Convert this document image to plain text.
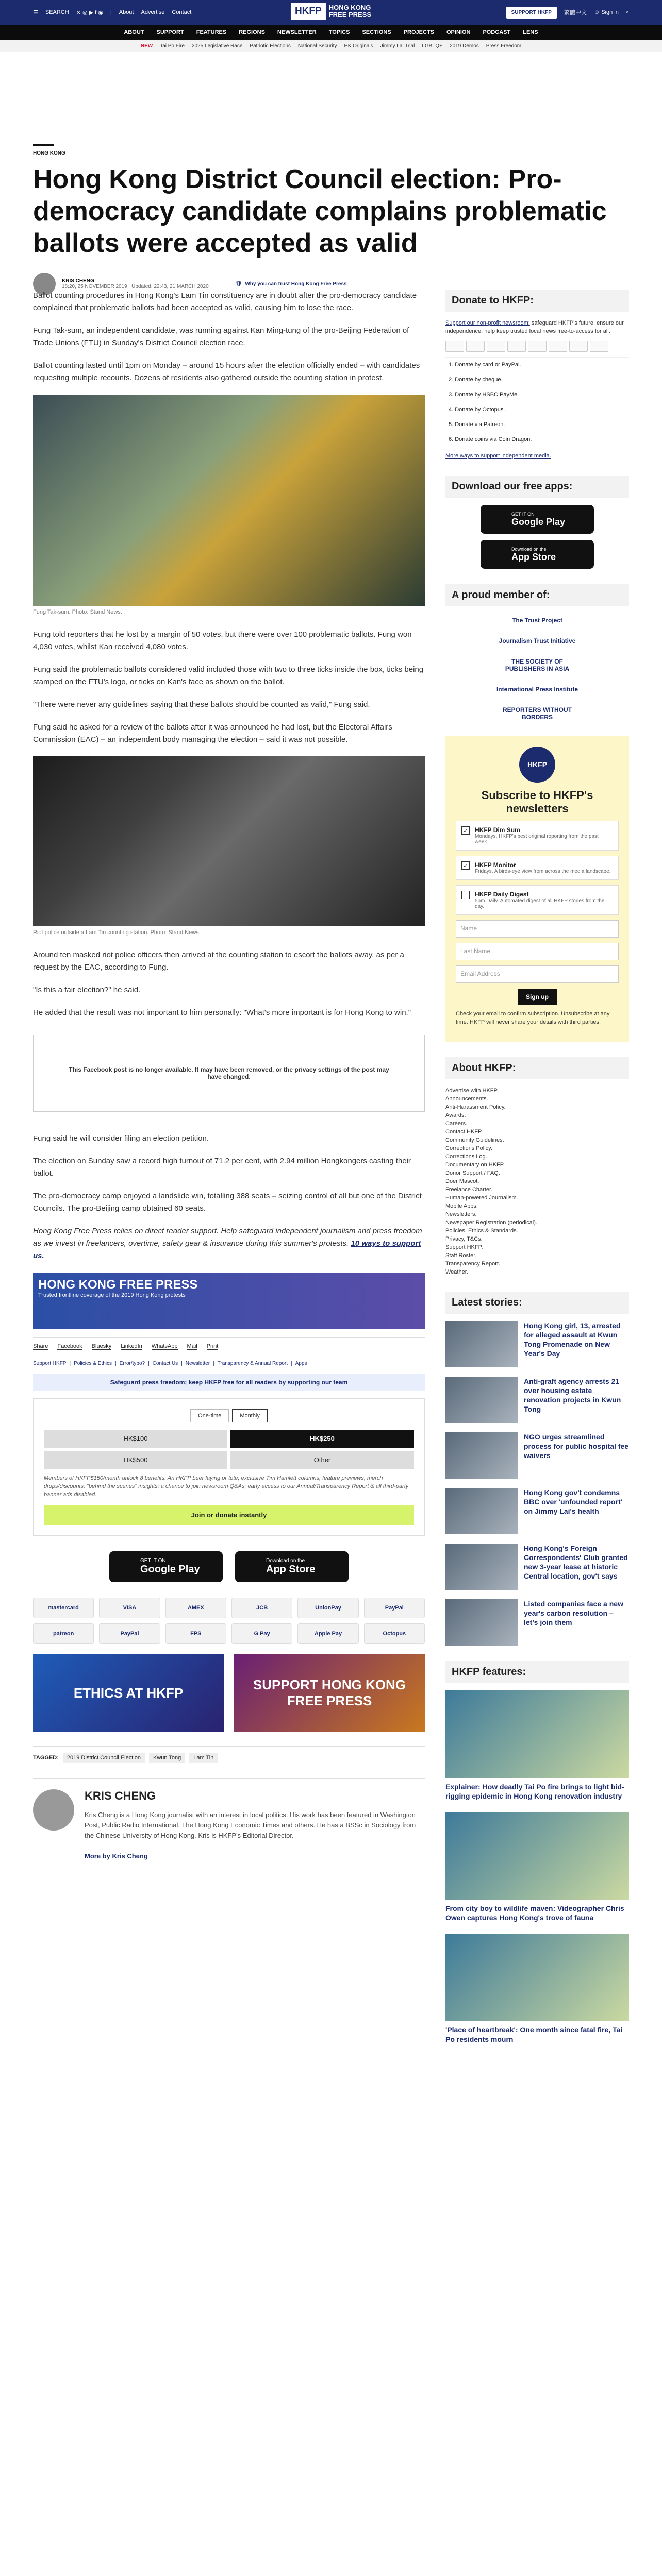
☰ SEARCH ✕ ◎ ▶ f ◉ | About Advertise Contact	HKFP	HONG KONG
FREE PRESS	SUPPORT HKFP	繁體中文 ☺ Sign in ⌕
ABOUT SUPPORT FEATURES REGIONS NEWSLETTER TOPICS SECTIONS PROJECTS OPINION PODCAST LENS
NEW Tai Po Fire 2025 Legislative Race Patriotic Elections National Security HK Originals Jimmy Lai Trial LGBTQ+ 2019 Demos Press Freedom
HONG KONG
Hong Kong District Council election: Pro-democracy candidate complains problematic ballots were accepted as valid
KRIS CHENG
18:20, 25 NOVEMBER 2019 Updated: 22:43, 21 MARCH 2020	🛡 Why you can trust Hong Kong Free Press

Ballot counting procedures in Hong Kong's Lam Tin constituency are in doubt after the pro-democracy candidate complained that problematic ballots had been accepted as valid, causing him to lose the race.

Fung Tak-sum, an independent candidate, was running against Kan Ming-tung of the pro-Beijing Federation of Trade Unions (FTU) in Sunday's District Council election race.

Ballot counting lasted until 1pm on Monday – around 15 hours after the election officially ended – with candidates requesting multiple recounts. Dozens of residents also gathered outside the counting station in protest.

Fung Tak-sum. Photo: Stand News.

Fung told reporters that he lost by a margin of 50 votes, but there were over 100 problematic ballots. Fung won 4,030 votes, whilst Kan received 4,080 votes.

Fung said the problematic ballots considered valid included those with two to three ticks inside the box, ticks being stamped on the FTU's logo, or ticks on Kan's face as shown on the ballot.

"There were never any guidelines saying that these ballots should be counted as valid," Fung said.

Fung said he asked for a review of the ballots after it was announced he had lost, but the Electoral Affairs Commission (EAC) – an independent body managing the election – said it was not possible.

Riot police outside a Lam Tin counting station. Photo: Stand News.

Around ten masked riot police officers then arrived at the counting station to escort the ballots away, as per a request by the EAC, according to Fung.

"Is this a fair election?" he said.

He added that the result was not important to him personally: "What's more important is for Hong Kong to win."

This Facebook post is no longer available. It may have been removed, or the privacy settings of the post may have changed.

Fung said he will consider filing an election petition.

The election on Sunday saw a record high turnout of 71.2 per cent, with 2.94 million Hongkongers casting their ballot.

The pro-democracy camp enjoyed a landslide win, totalling 388 seats – seizing control of all but one of the District Councils. The pro-Beijing camp obtained 60 seats.

Hong Kong Free Press relies on direct reader support. Help safeguard independent journalism and press freedom as we invest in freelancers, overtime, safety gear & insurance during this summer's protests. 10 ways to support us.

HONG KONG FREE PRESS
Trusted frontline coverage of the 2019 Hong Kong protests
Share Facebook Bluesky LinkedIn WhatsApp Mail Print
Support HKFP | Policies & Ethics | Error/typo? | Contact Us | Newsletter | Transparency & Annual Report | Apps
Safeguard press freedom; keep HKFP free for all readers by supporting our team
One-time	Monthly
HK$100	HK$250
HK$500	Other
Members of HKFP$150/month unlock 8 benefits: An HKFP beer laying or tote; exclusive Tim Hamlett columns; feature previews; merch drops/discounts; "behind the scenes" insights; a chance to join newsroom Q&As; early access to our Annual/Transparency Report & all third-party banner ads disabled.
Join or donate instantly
GET IT ON
Google Play
Download on the
App Store
mastercard	VISA	AMEX	JCB	UnionPay	PayPal
patreon	PayPal	FPS	G Pay	Apple Pay	Octopus
ETHICS AT HKFP
SUPPORT HONG KONG FREE PRESS
TAGGED:	2019 District Council Election	Kwun Tong	Lam Tin
KRIS CHENG

Kris Cheng is a Hong Kong journalist with an interest in local politics. His work has been featured in Washington Post, Public Radio International, The Hong Kong Economic Times and others. He has a BSSc in Sociology from the Chinese University of Hong Kong. Kris is HKFP's Editorial Director.

More by Kris Cheng

Donate to HKFP:
Support our non-profit newsroom: safeguard HKFP's future, ensure our independence, help keep trusted local news free-to-access for all.
1. Donate by card or PayPal.
2. Donate by cheque.
3. Donate by HSBC PayMe.
4. Donate by Octopus.
5. Donate via Patreon.
6. Donate coins via Coin Dragon.
More ways to support independent media.
Download our free apps:
GET IT ON
Google Play
Download on the
App Store
A proud member of:
The Trust Project
Journalism Trust Initiative
THE SOCIETY OF PUBLISHERS IN ASIA
International Press Institute
REPORTERS WITHOUT BORDERS
HKFP
Subscribe to HKFP's newsletters
✓ HKFP Dim Sum
Mondays. HKFP's best original reporting from the past week.
✓ HKFP Monitor
Fridays. A birds-eye view from across the media landscape.
HKFP Daily Digest
5pm Daily. Automated digest of all HKFP stories from the day.
Name
Last Name
Email Address
Sign up
Check your email to confirm subscription. Unsubscribe at any time. HKFP will never share your details with third parties.
About HKFP:
Advertise with HKFP.
Announcements.
Anti-Harassment Policy.
Awards.
Careers.
Contact HKFP.
Community Guidelines.
Corrections Policy.
Corrections Log.
Documentary on HKFP.
Donor Support / FAQ.
Doer Mascot.
Freelance Charter.
Human-powered Journalism.
Mobile Apps.
Newsletters.
Newspaper Registration (periodical).
Policies, Ethics & Standards.
Privacy, T&Cs.
Support HKFP.
Staff Roster.
Transparency Report.
Weather.
Latest stories:
Hong Kong girl, 13, arrested for alleged assault at Kwun Tong Promenade on New Year's Day
Anti-graft agency arrests 21 over housing estate renovation projects in Kwun Tong
NGO urges streamlined process for public hospital fee waivers
Hong Kong gov't condemns BBC over 'unfounded report' on Jimmy Lai's health
Hong Kong's Foreign Correspondents' Club granted new 3-year lease at historic Central location, gov't says
Listed companies face a new year's carbon resolution – let's join them
HKFP features:
Explainer: How deadly Tai Po fire brings to light bid-rigging epidemic in Hong Kong renovation industry
From city boy to wildlife maven: Videographer Chris Owen captures Hong Kong's trove of fauna
'Place of heartbreak': One month since fatal fire, Tai Po residents mourn
